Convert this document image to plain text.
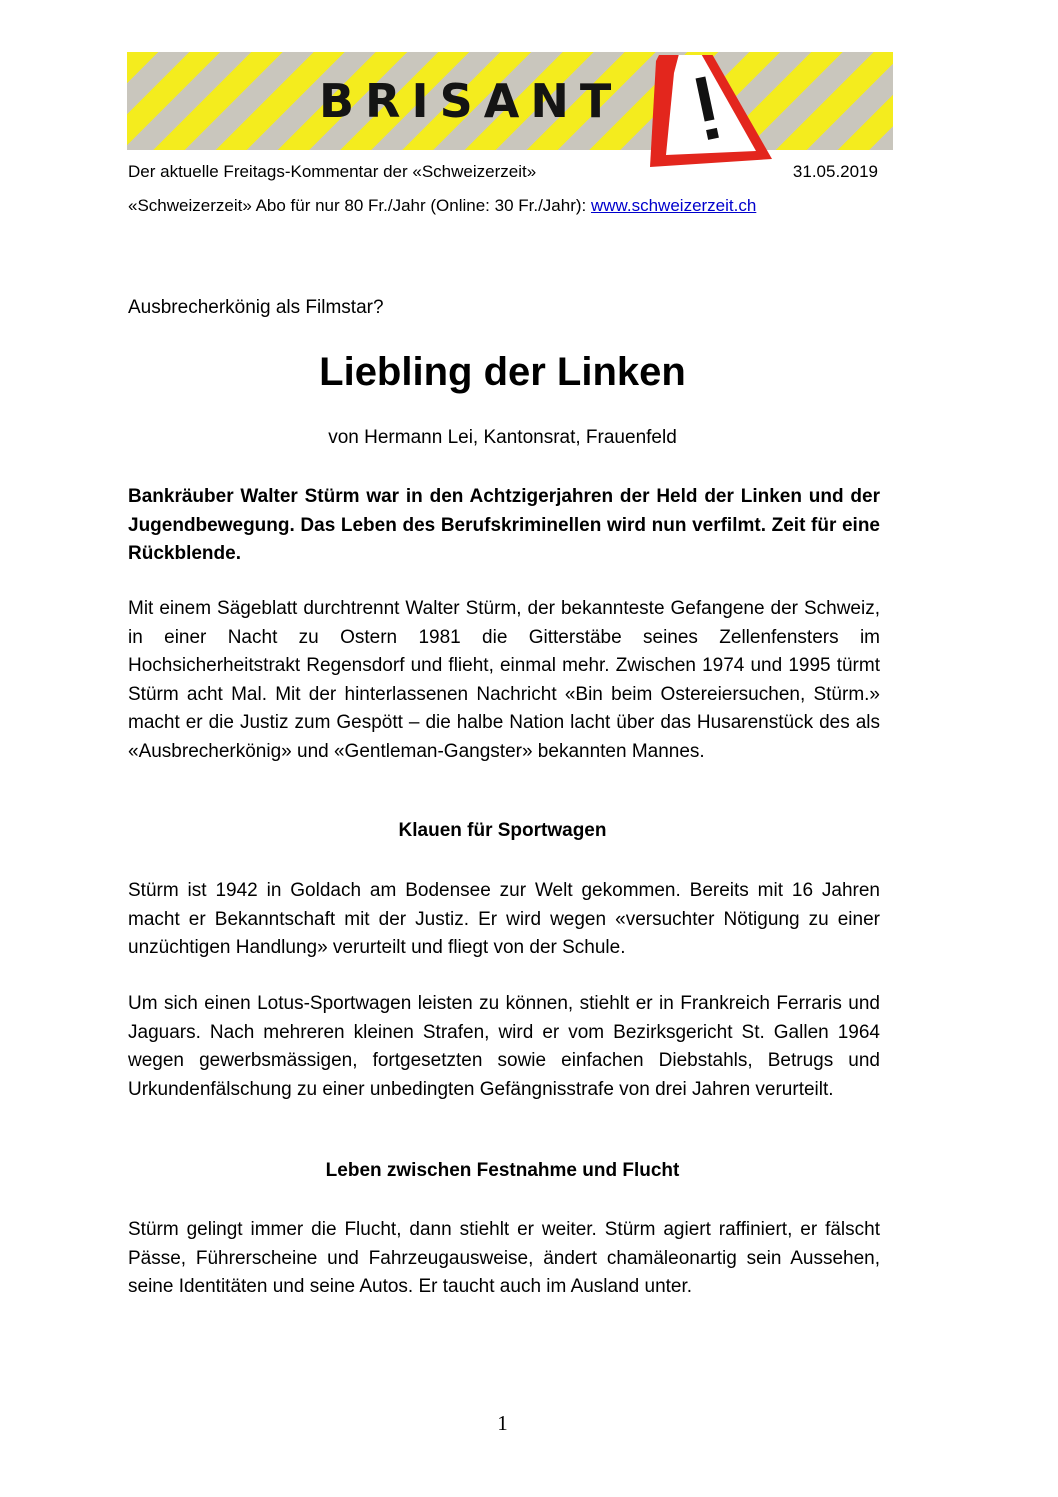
BRISANT
Der aktuelle Freitags-Kommentar der «Schweizerzeit»	31.05.2019
«Schweizerzeit» Abo für nur 80 Fr./Jahr (Online: 30 Fr./Jahr): www.schweizerzeit.ch
Ausbrecherkönig als Filmstar?
Liebling der Linken
von Hermann Lei, Kantonsrat, Frauenfeld

Bankräuber Walter Stürm war in den Achtzigerjahren der Held der Linken und der Jugendbewegung. Das Leben des Berufskriminellen wird nun verfilmt. Zeit für eine Rückblende.

Mit einem Sägeblatt durchtrennt Walter Stürm, der bekannteste Gefangene der Schweiz, in einer Nacht zu Ostern 1981 die Gitterstäbe seines Zellenfensters im Hochsicherheitstrakt Regensdorf und flieht, einmal mehr. Zwischen 1974 und 1995 türmt Stürm acht Mal. Mit der hinterlassenen Nachricht «Bin beim Ostereiersuchen, Stürm.» macht er die Justiz zum Gespött – die halbe Nation lacht über das Husarenstück des als «Ausbrecherkönig» und «Gentleman-Gangster» bekannten Mannes.

Klauen für Sportwagen

Stürm ist 1942 in Goldach am Bodensee zur Welt gekommen. Bereits mit 16 Jahren macht er Bekanntschaft mit der Justiz. Er wird wegen «versuchter Nötigung zu einer unzüchtigen Handlung» verurteilt und fliegt von der Schule.

Um sich einen Lotus-Sportwagen leisten zu können, stiehlt er in Frankreich Ferraris und Jaguars. Nach mehreren kleinen Strafen, wird er vom Bezirksgericht St. Gallen 1964 wegen gewerbsmässigen, fortgesetzten sowie einfachen Diebstahls, Betrugs und Urkundenfälschung zu einer unbedingten Gefängnisstrafe von drei Jahren verurteilt.

Leben zwischen Festnahme und Flucht

Stürm gelingt immer die Flucht, dann stiehlt er weiter. Stürm agiert raffiniert, er fälscht Pässe, Führerscheine und Fahrzeugausweise, ändert chamäleonartig sein Aussehen, seine Identitäten und seine Autos. Er taucht auch im Ausland unter.

1
